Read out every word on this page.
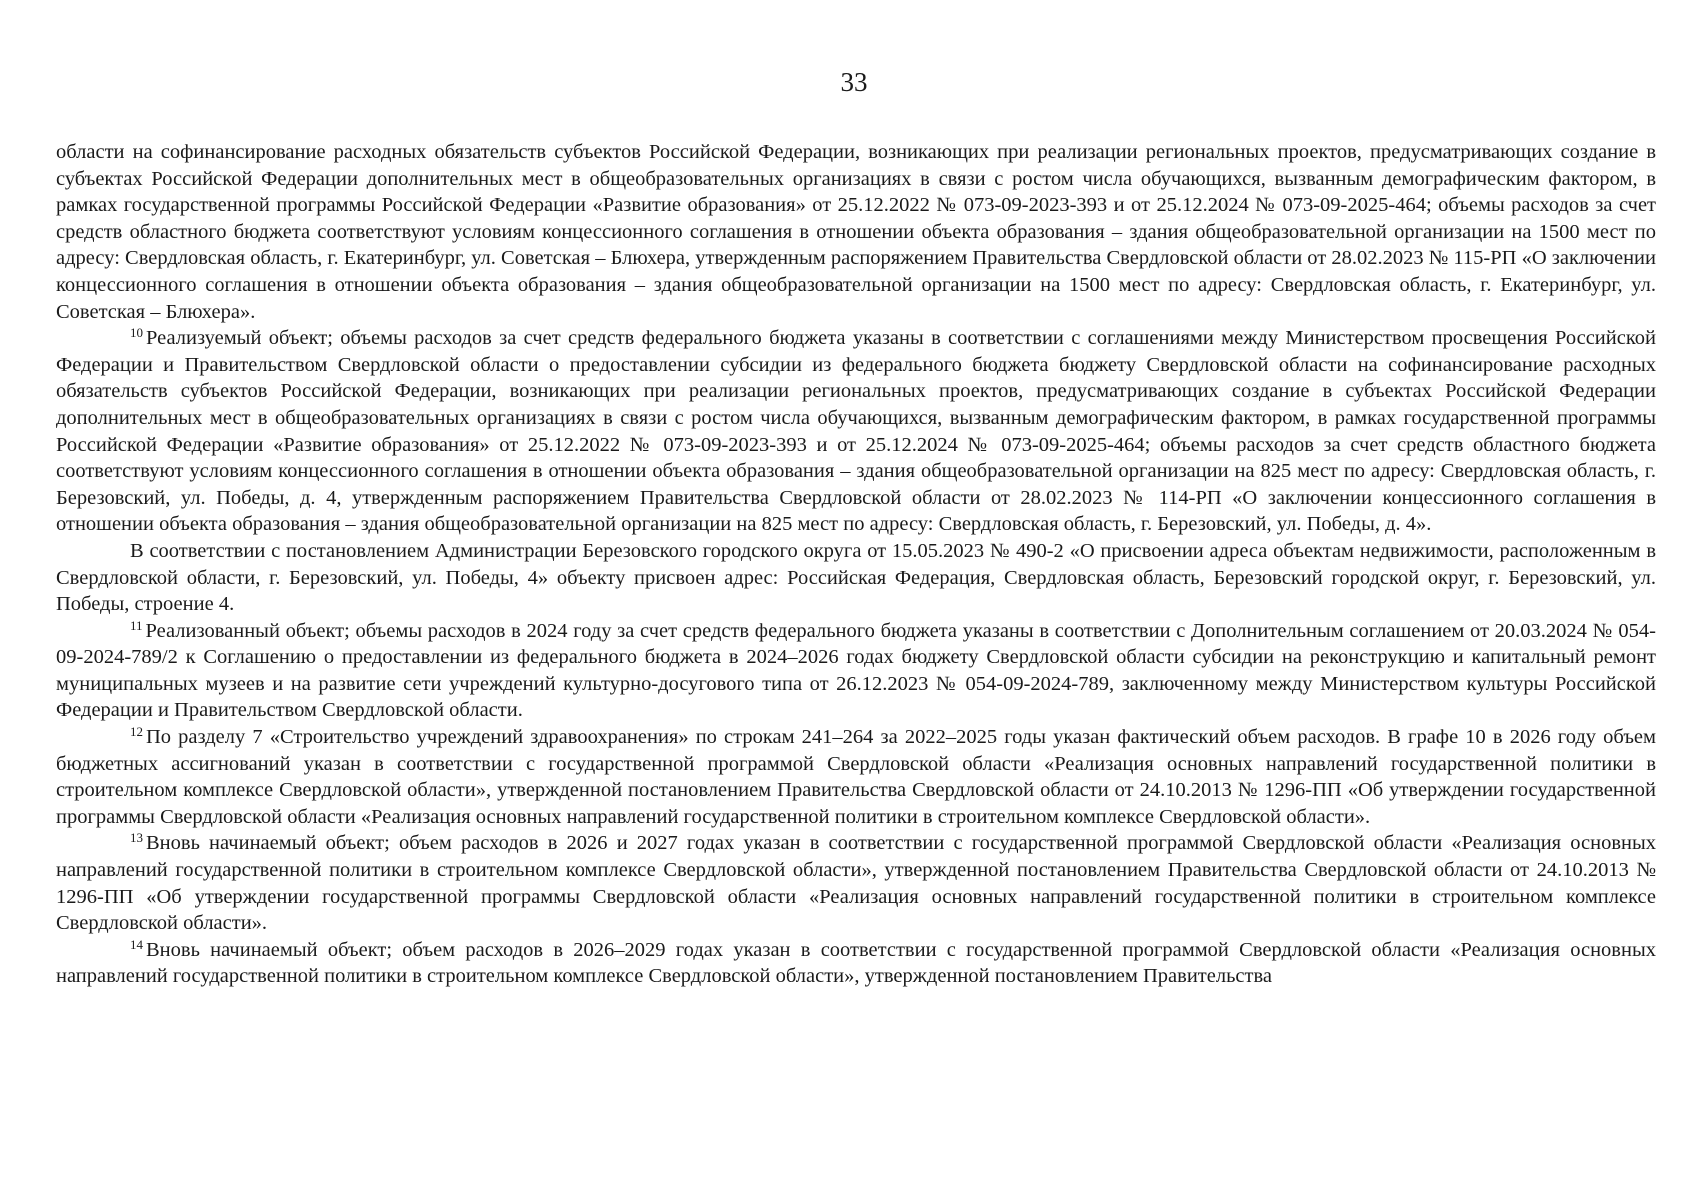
33

области на софинансирование расходных обязательств субъектов Российской Федерации, возникающих при реализации региональных проектов, предусматривающих создание в субъектах Российской Федерации дополнительных мест в общеобразовательных организациях в связи с ростом числа обучающихся, вызванным демографическим фактором, в рамках государственной программы Российской Федерации «Развитие образования» от 25.12.2022 № 073-09-2023-393 и от 25.12.2024 № 073-09-2025-464; объемы расходов за счет средств областного бюджета соответствуют условиям концессионного соглашения в отношении объекта образования – здания общеобразовательной организации на 1500 мест по адресу: Свердловская область, г. Екатеринбург, ул. Советская – Блюхера, утвержденным распоряжением Правительства Свердловской области от 28.02.2023 № 115-РП «О заключении концессионного соглашения в отношении объекта образования – здания общеобразовательной организации на 1500 мест по адресу: Свердловская область, г. Екатеринбург, ул. Советская – Блюхера».

$^{10}$ Реализуемый объект; объемы расходов за счет средств федерального бюджета указаны в соответствии с соглашениями между Министерством просвещения Российской Федерации и Правительством Свердловской области о предоставлении субсидии из федерального бюджета бюджету Свердловской области на софинансирование расходных обязательств субъектов Российской Федерации, возникающих при реализации региональных проектов, предусматривающих создание в субъектах Российской Федерации дополнительных мест в общеобразовательных организациях в связи с ростом числа обучающихся, вызванным демографическим фактором, в рамках государственной программы Российской Федерации «Развитие образования» от 25.12.2022 № 073-09-2023-393 и от 25.12.2024 № 073-09-2025-464; объемы расходов за счет средств областного бюджета соответствуют условиям концессионного соглашения в отношении объекта образования – здания общеобразовательной организации на 825 мест по адресу: Свердловская область, г. Березовский, ул. Победы, д. 4, утвержденным распоряжением Правительства Свердловской области от 28.02.2023 № 114-РП «О заключении концессионного соглашения в отношении объекта образования – здания общеобразовательной организации на 825 мест по адресу: Свердловская область, г. Березовский, ул. Победы, д. 4».

В соответствии с постановлением Администрации Березовского городского округа от 15.05.2023 № 490-2 «О присвоении адреса объектам недвижимости, расположенным в Свердловской области, г. Березовский, ул. Победы, 4» объекту присвоен адрес: Российская Федерация, Свердловская область, Березовский городской округ, г. Березовский, ул. Победы, строение 4.

$^{11}$ Реализованный объект; объемы расходов в 2024 году за счет средств федерального бюджета указаны в соответствии с Дополнительным соглашением от 20.03.2024 № 054-09-2024-789/2 к Соглашению о предоставлении из федерального бюджета в 2024–2026 годах бюджету Свердловской области субсидии на реконструкцию и капитальный ремонт муниципальных музеев и на развитие сети учреждений культурно-досугового типа от 26.12.2023 № 054-09-2024-789, заключенному между Министерством культуры Российской Федерации и Правительством Свердловской области.

$^{12}$ По разделу 7 «Строительство учреждений здравоохранения» по строкам 241–264 за 2022–2025 годы указан фактический объем расходов. В графе 10 в 2026 году объем бюджетных ассигнований указан в соответствии с государственной программой Свердловской области «Реализация основных направлений государственной политики в строительном комплексе Свердловской области», утвержденной постановлением Правительства Свердловской области от 24.10.2013 № 1296-ПП «Об утверждении государственной программы Свердловской области «Реализация основных направлений государственной политики в строительном комплексе Свердловской области».

$^{13}$ Вновь начинаемый объект; объем расходов в 2026 и 2027 годах указан в соответствии с государственной программой Свердловской области «Реализация основных направлений государственной политики в строительном комплексе Свердловской области», утвержденной постановлением Правительства Свердловской области от 24.10.2013 № 1296-ПП «Об утверждении государственной программы Свердловской области «Реализация основных направлений государственной политики в строительном комплексе Свердловской области».

$^{14}$ Вновь начинаемый объект; объем расходов в 2026–2029 годах указан в соответствии с государственной программой Свердловской области «Реализация основных направлений государственной политики в строительном комплексе Свердловской области», утвержденной постановлением Правительства
